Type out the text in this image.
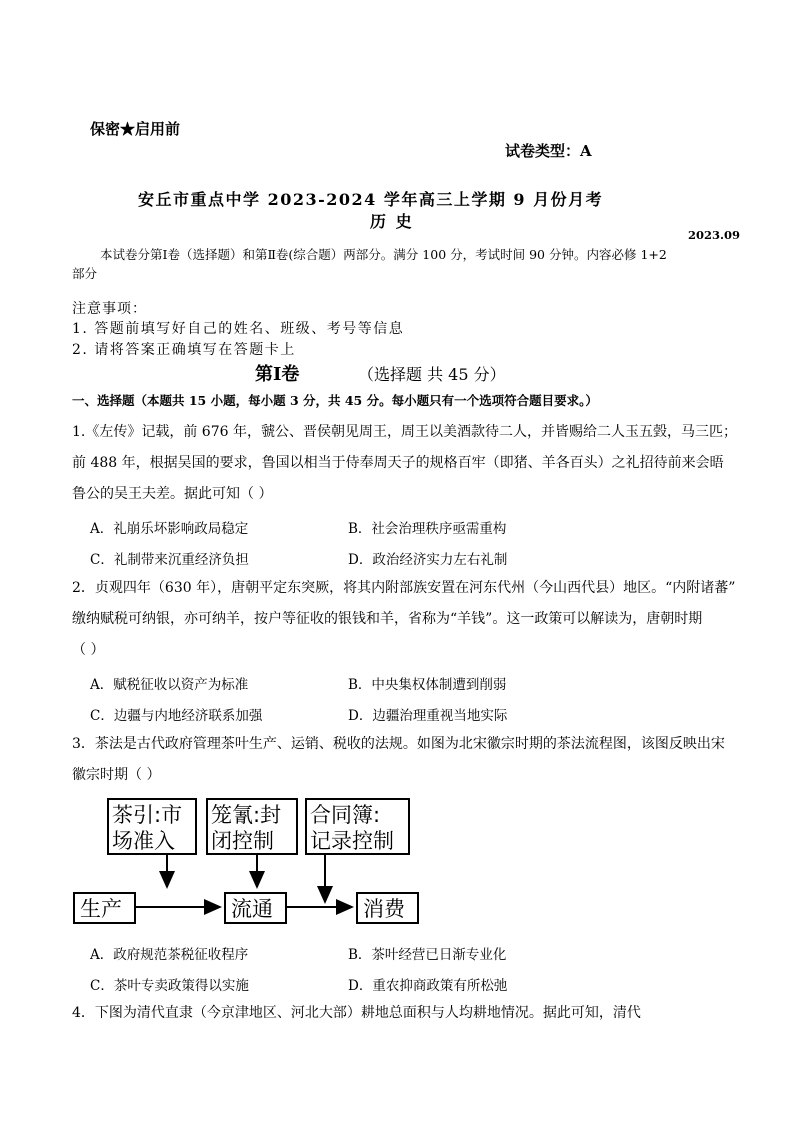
保密★启用前
试卷类型：A
安丘市重点中学 2023-2024 学年高三上学期 9 月份月考
历 史
2023.09
本试卷分第Ⅰ卷（选择题）和第Ⅱ卷(综合题）两部分。满分 100 分，考试时间 90 分钟。内容必修 1+2
部分
注意事项：
1. 答题前填写好自己的姓名、班级、考号等信息
2. 请将答案正确填写在答题卡上
第Ⅰ卷	（选择题 共 45 分）
一、选择题（本题共 15 小题，每小题 3 分，共 45 分。每小题只有一个选项符合题目要求。）
1.《左传》记载，前 676 年，虢公、晋侯朝见周王，周王以美酒款待二人，并皆赐给二人玉五瑴，马三匹；
前 488 年，根据吴国的要求，鲁国以相当于侍奉周天子的规格百牢（即猪、羊各百头）之礼招待前来会晤
鲁公的吴王夫差。据此可知（ ）
A．礼崩乐坏影响政局稳定	B．社会治理秩序亟需重构
C．礼制带来沉重经济负担	D．政治经济实力左右礼制
2．贞观四年（630 年），唐朝平定东突厥，将其内附部族安置在河东代州（今山西代县）地区。“内附诸蕃”
缴纳赋税可纳银，亦可纳羊，按户等征收的银钱和羊，省称为“羊钱”。这一政策可以解读为，唐朝时期
（ ）
A．赋税征收以资产为标准	B．中央集权体制遭到削弱
C．边疆与内地经济联系加强	D．边疆治理重视当地实际
3．茶法是古代政府管理茶叶生产、运销、税收的法规。如图为北宋徽宗时期的茶法流程图，该图反映出宋
徽宗时期（ ）
茶引:市
场准入
笼氰:封
闭控制
合同簿:
记录控制
生产	流通	消费
A．政府规范茶税征收程序	B．茶叶经营已日渐专业化
C．茶叶专卖政策得以实施	D．重农抑商政策有所松弛
4．下图为清代直隶（今京津地区、河北大部）耕地总面积与人均耕地情况。据此可知，清代
